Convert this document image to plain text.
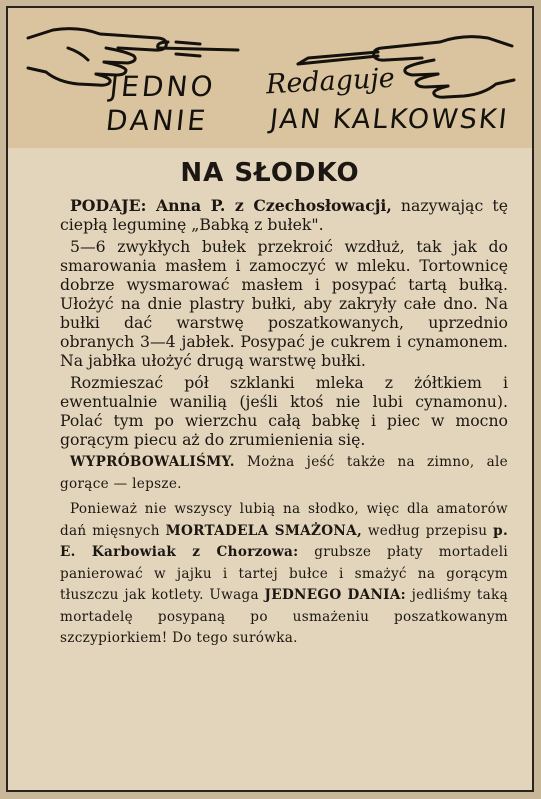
JEDNO
DANIE
Redaguje
JAN KALKOWSKI
NA SŁODKO

PODAJE: Anna P. z Czechosłowacji, nazywając tę ciepłą leguminę „Babką z bułek".

5—6 zwykłych bułek przekroić wzdłuż, tak jak do smarowania masłem i zamoczyć w mleku. Tortownicę dobrze wysmarować masłem i posypać tartą bułką. Ułożyć na dnie plastry bułki, aby zakryły całe dno. Na bułki dać warstwę poszatkowanych, uprzednio obranych 3—4 jabłek. Posypać je cukrem i cynamonem. Na jabłka ułożyć drugą warstwę bułki.

Rozmieszać pół szklanki mleka z żółtkiem i ewentualnie wanilią (jeśli ktoś nie lubi cynamonu). Polać tym po wierzchu całą babkę i piec w mocno gorącym piecu aż do zrumienienia się.

WYPRÓBOWALIŚMY. Można jeść także na zimno, ale gorące — lepsze.

Ponieważ nie wszyscy lubią na słodko, więc dla amatorów dań mięsnych MORTADELA SMAŻONA, według przepisu p. E. Karbowiak z Chorzowa: grubsze płaty mortadeli panierować w jajku i tartej bułce i smażyć na gorącym tłuszczu jak kotlety. Uwaga JEDNEGO DANIA: jedliśmy taką mortadelę posypaną po usmażeniu poszatkowanym szczypiorkiem! Do tego surówka.
